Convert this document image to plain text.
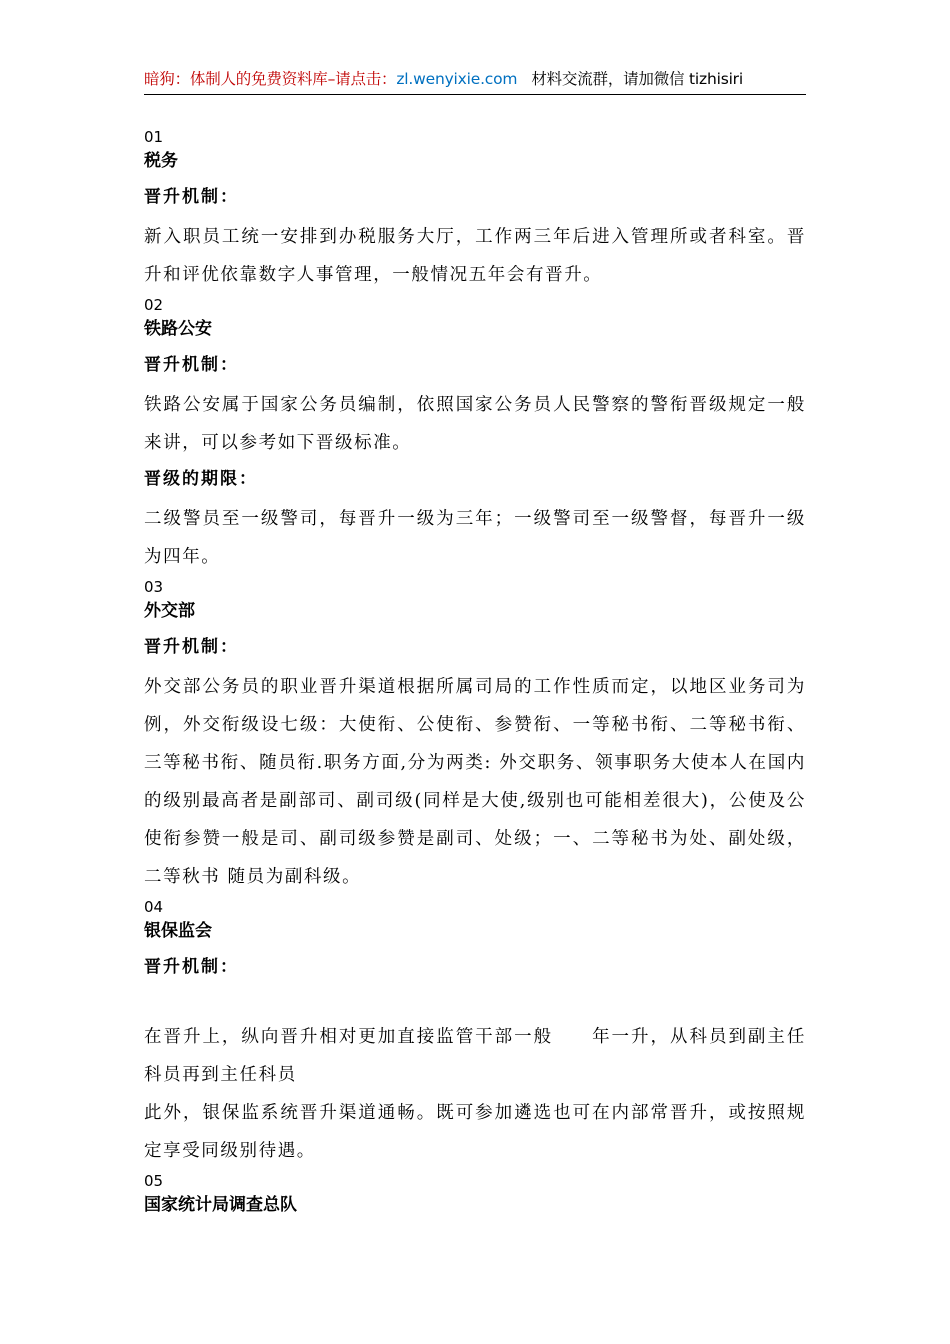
暗狗：体制人的免费资料库–请点击：zl.wenyixie.com 材料交流群，请加微信 tizhisiri

01

税务

晋升机制：

新入职员工统一安排到办税服务大厅，工作两三年后进入管理所或者科室。晋升和评优依靠数字人事管理，一般情况五年会有晋升。

02

铁路公安

晋升机制：

铁路公安属于国家公务员编制，依照国家公务员人民警察的警衔晋级规定一般来讲，可以参考如下晋级标准。

晋级的期限：

二级警员至一级警司，每晋升一级为三年；一级警司至一级警督，每晋升一级为四年。

03

外交部

晋升机制：

外交部公务员的职业晋升渠道根据所属司局的工作性质而定，以地区业务司为例，外交衔级设七级：大使衔、公使衔、参赞衔、一等秘书衔、二等秘书衔、三等秘书衔、随员衔.职务方面,分为两类: 外交职务、领事职务大使本人在国内的级别最高者是副部司、副司级(同样是大使,级别也可能相差很大)，公使及公使衔参赞一般是司、副司级参赞是副司、处级；一、二等秘书为处、副处级，二等秋书 随员为副科级。

04

银保监会

晋升机制：

在晋升上，纵向晋升相对更加直接监管干部一般　　年一升，从科员到副主任科员再到主任科员

此外，银保监系统晋升渠道通畅。既可参加遴选也可在内部常晋升，或按照规定享受同级别待遇。

05

国家统计局调查总队
